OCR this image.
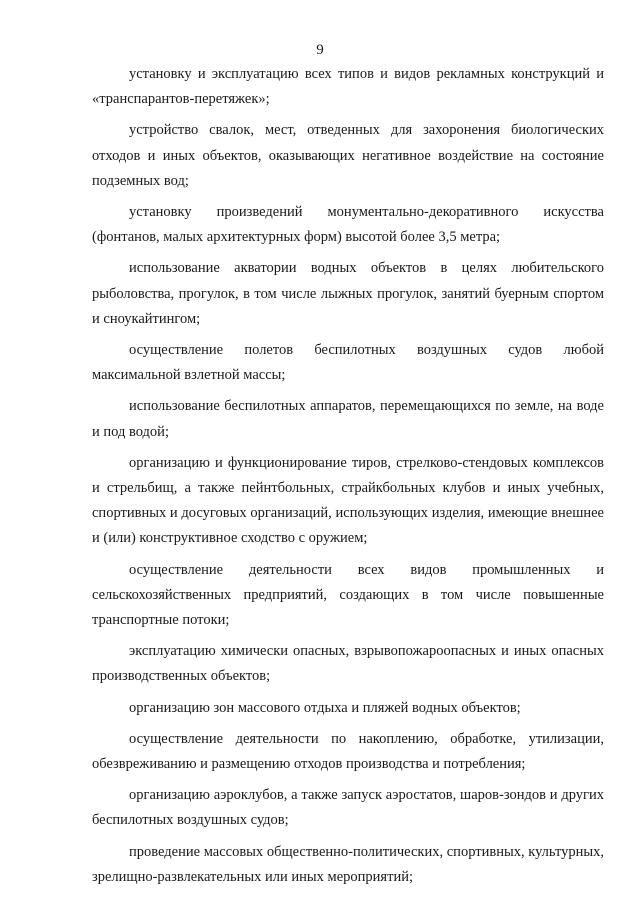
9

установку и эксплуатацию всех типов и видов рекламных конструкций и «транспарантов-перетяжек»;

устройство свалок, мест, отведенных для захоронения биологических отходов и иных объектов, оказывающих негативное воздействие на состояние подземных вод;

установку произведений монументально-декоративного искусства (фонтанов, малых архитектурных форм) высотой более 3,5 метра;

использование акватории водных объектов в целях любительского рыболовства, прогулок, в том числе лыжных прогулок, занятий буерным спортом и сноукайтингом;

осуществление полетов беспилотных воздушных судов любой максимальной взлетной массы;

использование беспилотных аппаратов, перемещающихся по земле, на воде и под водой;

организацию и функционирование тиров, стрелково-стендовых комплексов и стрельбищ, а также пейнтбольных, страйкбольных клубов и иных учебных, спортивных и досуговых организаций, использующих изделия, имеющие внешнее и (или) конструктивное сходство с оружием;

осуществление деятельности всех видов промышленных и сельскохозяйственных предприятий, создающих в том числе повышенные транспортные потоки;

эксплуатацию химически опасных, взрывопожароопасных и иных опасных производственных объектов;

организацию зон массового отдыха и пляжей водных объектов;

осуществление деятельности по накоплению, обработке, утилизации, обезвреживанию и размещению отходов производства и потребления;

организацию аэроклубов, а также запуск аэростатов, шаров-зондов и других беспилотных воздушных судов;

проведение массовых общественно-политических, спортивных, культурных, зрелищно-развлекательных или иных мероприятий;
